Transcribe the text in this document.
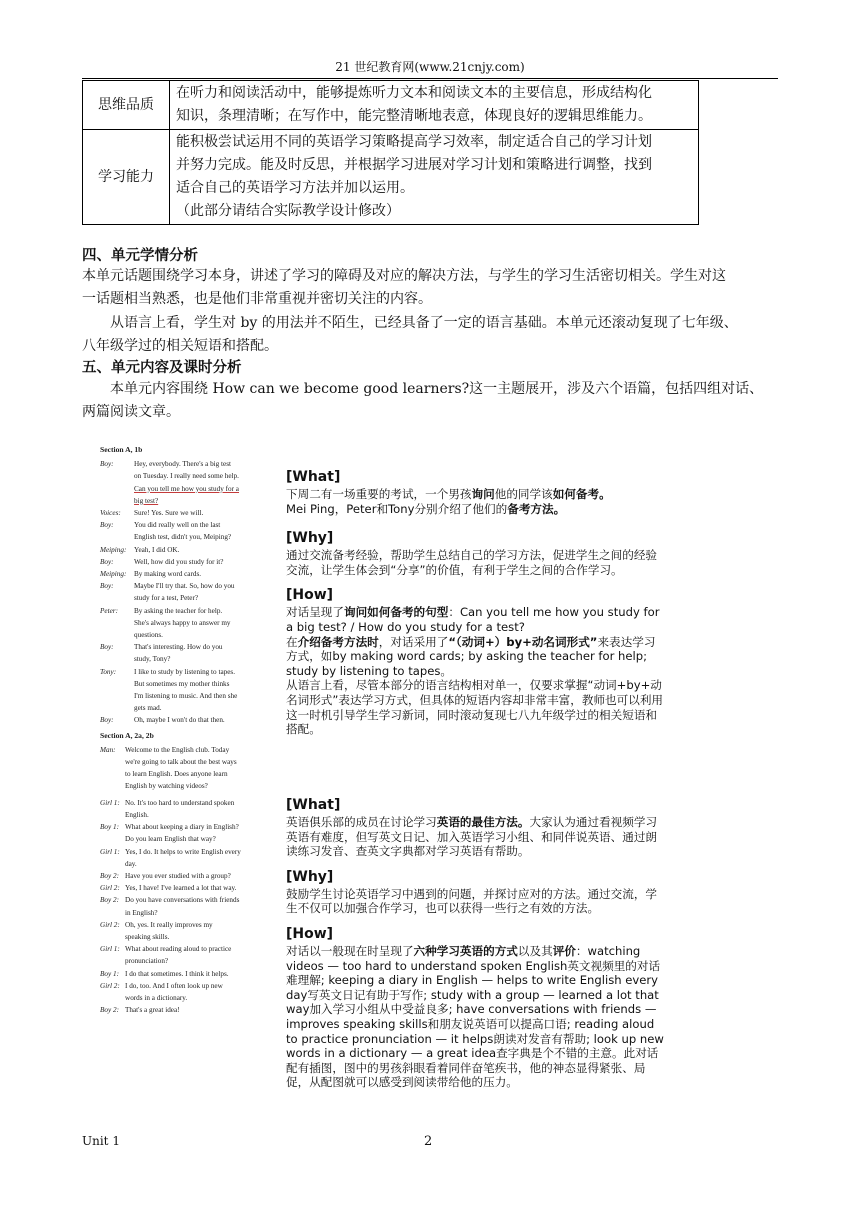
21 世纪教育网(www.21cnjy.com)
思维品质	在听力和阅读活动中，能够提炼听力文本和阅读文本的主要信息，形成结构化
知识，条理清晰；在写作中，能完整清晰地表意，体现良好的逻辑思维能力。

学习能力	能积极尝试运用不同的英语学习策略提高学习效率，制定适合自己的学习计划
并努力完成。能及时反思，并根据学习进展对学习计划和策略进行调整，找到
适合自己的英语学习方法并加以运用。
（此部分请结合实际教学设计修改）
四、单元学情分析
本单元话题围绕学习本身，讲述了学习的障碍及对应的解决方法，与学生的学习生活密切相关。学生对这
一话题相当熟悉，也是他们非常重视并密切关注的内容。
从语言上看，学生对 by 的用法并不陌生，已经具备了一定的语言基础。本单元还滚动复现了七年级、
八年级学过的相关短语和搭配。
五、单元内容及课时分析
本单元内容围绕 How can we become good learners?这一主题展开，涉及六个语篇，包括四组对话、
两篇阅读文章。
Section A, 1b
Boy:	Hey, everybody. There's a big test
on Tuesday. I really need some help.
Can you tell me how you study for a
big test?
Voices:	Sure! Yes. Sure we will.
Boy:	You did really well on the last
English test, didn't you, Meiping?
Meiping:	Yeah, I did OK.
Boy:	Well, how did you study for it?
Meiping:	By making word cards.
Boy:	Maybe I'll try that. So, how do you
study for a test, Peter?
Peter:	By asking the teacher for help.
She's always happy to answer my
questions.
Boy:	That's interesting. How do you
study, Tony?
Tony:	I like to study by listening to tapes.
But sometimes my mother thinks
I'm listening to music. And then she
gets mad.
Boy:	Oh, maybe I won't do that then.
Section A, 2a, 2b
Man:	Welcome to the English club. Today
we're going to talk about the best ways
to learn English. Does anyone learn
English by watching videos?
Girl 1: No. It's too hard to understand spoken
English.
Boy 1: What about keeping a diary in English?
Do you learn English that way?
Girl 1: Yes, I do. It helps to write English every
day.
Boy 2: Have you ever studied with a group?
Girl 2: Yes, I have! I've learned a lot that way.
Boy 2: Do you have conversations with friends
in English?
Girl 2: Oh, yes. It really improves my
speaking skills.
Girl 1: What about reading aloud to practice
pronunciation?
Boy 1: I do that sometimes. I think it helps.
Girl 2: I do, too. And I often look up new
words in a dictionary.
Boy 2: That's a great idea!
[What]
下周二有一场重要的考试，一个男孩询问他的同学该如何备考。
Mei Ping，Peter和Tony分别介绍了他们的备考方法。
[Why]
通过交流备考经验，帮助学生总结自己的学习方法，促进学生之间的经验交流，让学生体会到“分享”的价值，有利于学生之间的合作学习。
[How]
对话呈现了询问如何备考的句型：Can you tell me how you study for a big test? / How do you study for a test?
在介绍备考方法时，对话采用了“（动词+）by+动名词形式”来表达学习方式，如by making word cards; by asking the teacher for help; study by listening to tapes。
从语言上看，尽管本部分的语言结构相对单一，仅要求掌握“动词+by+动名词形式”表达学习方式，但具体的短语内容却非常丰富，教师也可以利用这一时机引导学生学习新词，同时滚动复现七八九年级学过的相关短语和搭配。
[What]
英语俱乐部的成员在讨论学习英语的最佳方法。大家认为通过看视频学习英语有难度，但写英文日记、加入英语学习小组、和同伴说英语、通过朗读练习发音、查英文字典都对学习英语有帮助。
[Why]
鼓励学生讨论英语学习中遇到的问题，并探讨应对的方法。通过交流，学生不仅可以加强合作学习，也可以获得一些行之有效的方法。
[How]
对话以一般现在时呈现了六种学习英语的方式以及其评价：watching videos — too hard to understand spoken English英文视频里的对话难理解; keeping a diary in English — helps to write English every day写英文日记有助于写作; study with a group — learned a lot that way加入学习小组从中受益良多; have conversations with friends — improves speaking skills和朋友说英语可以提高口语; reading aloud to practice pronunciation — it helps朗读对发音有帮助; look up new words in a dictionary — a great idea查字典是个不错的主意。此对话配有插图，图中的男孩斜眼看着同伴奋笔疾书，他的神态显得紧张、局促，从配图就可以感受到阅读带给他的压力。
Unit 1	2
